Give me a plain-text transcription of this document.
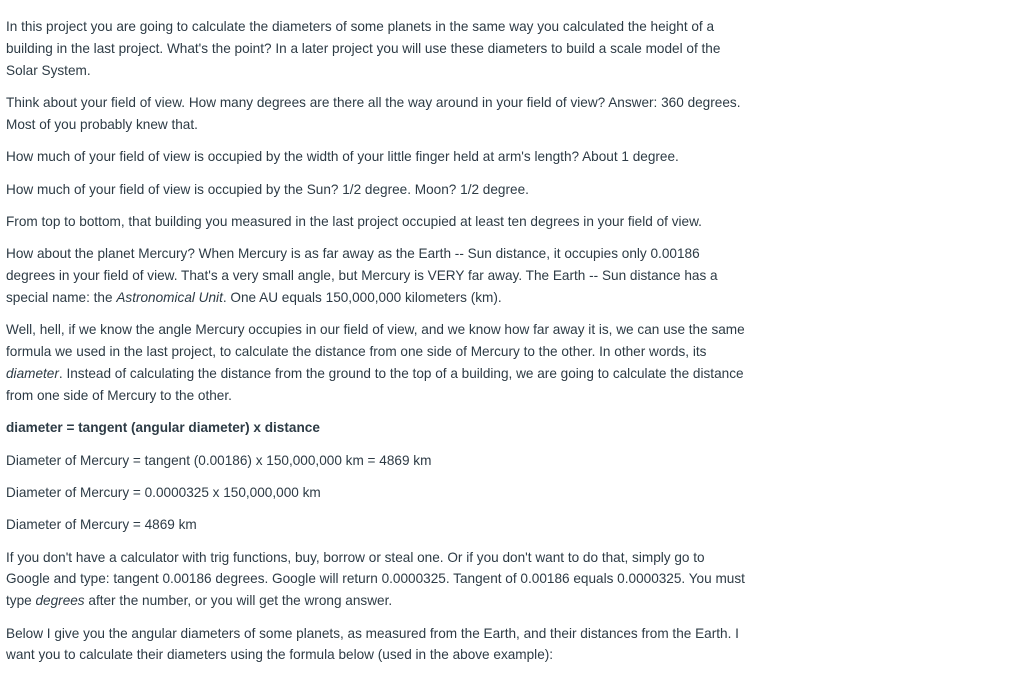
In this project you are going to calculate the diameters of some planets in the same way you calculated the height of a building in the last project. What's the point? In a later project you will use these diameters to build a scale model of the Solar System.

Think about your field of view. How many degrees are there all the way around in your field of view? Answer: 360 degrees. Most of you probably knew that.

How much of your field of view is occupied by the width of your little finger held at arm's length? About 1 degree.

How much of your field of view is occupied by the Sun? 1/2 degree. Moon? 1/2 degree.

From top to bottom, that building you measured in the last project occupied at least ten degrees in your field of view.

How about the planet Mercury? When Mercury is as far away as the Earth -- Sun distance, it occupies only 0.00186 degrees in your field of view. That's a very small angle, but Mercury is VERY far away. The Earth -- Sun distance has a special name: the Astronomical Unit. One AU equals 150,000,000 kilometers (km).

Well, hell, if we know the angle Mercury occupies in our field of view, and we know how far away it is, we can use the same formula we used in the last project, to calculate the distance from one side of Mercury to the other. In other words, its diameter. Instead of calculating the distance from the ground to the top of a building, we are going to calculate the distance from one side of Mercury to the other.

diameter = tangent (angular diameter) x distance

Diameter of Mercury = tangent (0.00186) x 150,000,000 km = 4869 km

Diameter of Mercury = 0.0000325 x 150,000,000 km

Diameter of Mercury = 4869 km

If you don't have a calculator with trig functions, buy, borrow or steal one. Or if you don't want to do that, simply go to Google and type: tangent 0.00186 degrees. Google will return 0.0000325. Tangent of 0.00186 equals 0.0000325. You must type degrees after the number, or you will get the wrong answer.

Below I give you the angular diameters of some planets, as measured from the Earth, and their distances from the Earth. I want you to calculate their diameters using the formula below (used in the above example):
